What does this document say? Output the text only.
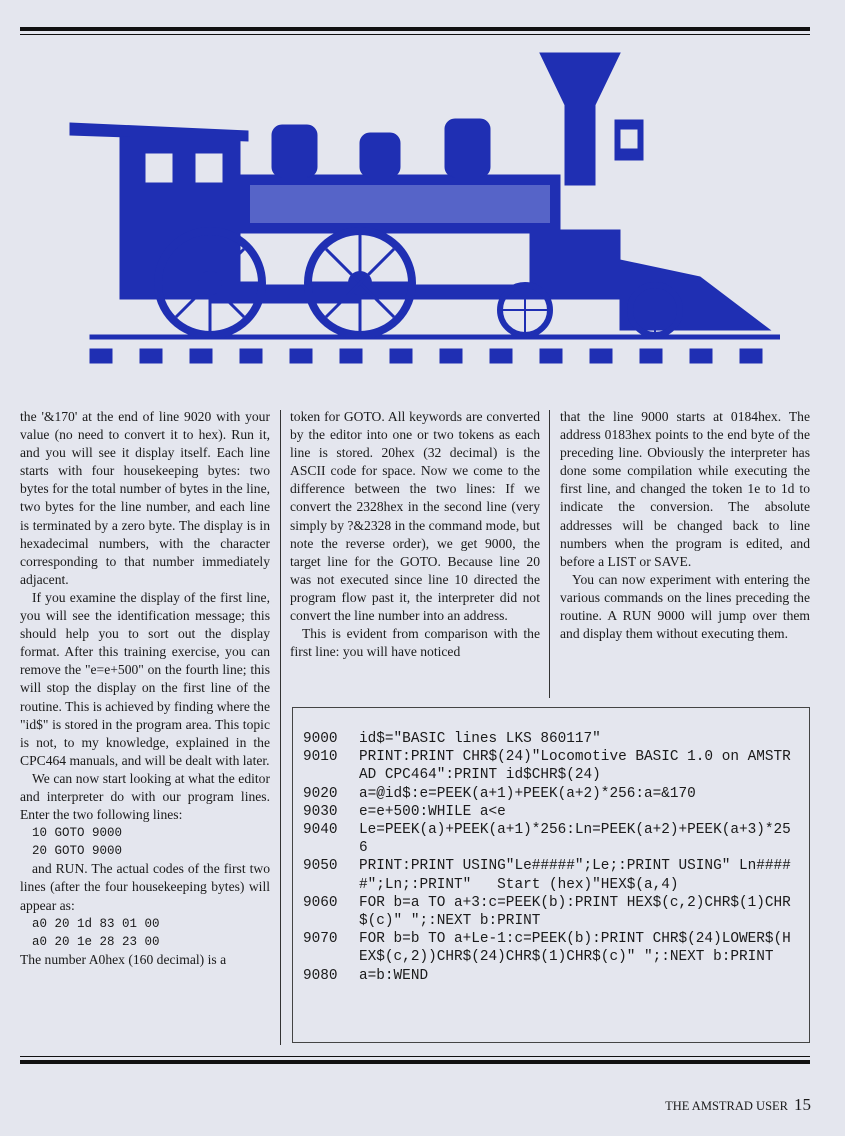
the '&170' at the end of line 9020 with your value (no need to convert it to hex). Run it, and you will see it display itself. Each line starts with four housekeeping bytes: two bytes for the total number of bytes in the line, two bytes for the line number, and each line is terminated by a zero byte. The display is in hexadecimal numbers, with the character corresponding to that number immediately adjacent.

If you examine the display of the first line, you will see the identification message; this should help you to sort out the display format. After this training exercise, you can remove the "e=e+500" on the fourth line; this will stop the display on the first line of the routine. This is achieved by finding where the "id$" is stored in the program area. This topic is not, to my knowledge, explained in the CPC464 manuals, and will be dealt with later.

We can now start looking at what the editor and interpreter do with our program lines. Enter the two following lines:

10 GOTO 9000
20 GOTO 9000

and RUN. The actual codes of the first two lines (after the four housekeeping bytes) will appear as:

a0 20 1d 83 01 00
a0 20 1e 28 23 00

The number A0hex (160 decimal) is a

token for GOTO. All keywords are converted by the editor into one or two tokens as each line is stored. 20hex (32 decimal) is the ASCII code for space. Now we come to the difference between the two lines: If we convert the 2328hex in the second line (very simply by ?&2328 in the command mode, but note the reverse order), we get 9000, the target line for the GOTO. Because line 20 was not executed since line 10 directed the program flow past it, the interpreter did not convert the line number into an address.

This is evident from comparison with the first line: you will have noticed

that the line 9000 starts at 0184hex. The address 0183hex points to the end byte of the preceding line. Obviously the interpreter has done some compilation while executing the first line, and changed the token 1e to 1d to indicate the conversion. The absolute addresses will be changed back to line numbers when the program is edited, and before a LIST or SAVE.

You can now experiment with entering the various commands on the lines preceding the routine. A RUN 9000 will jump over them and display them without executing them.

9000	id$="BASIC lines LKS 860117"
9010	PRINT:PRINT CHR$(24)"Locomotive BASIC 1.0 on AMSTRAD CPC464":PRINT id$CHR$(24)
9020	a=@id$:e=PEEK(a+1)+PEEK(a+2)*256:a=&170
9030	e=e+500:WHILE a<e
9040	Le=PEEK(a)+PEEK(a+1)*256:Ln=PEEK(a+2)+PEEK(a+3)*256
9050	PRINT:PRINT USING"Le#####";Le;:PRINT USING" Ln#####";Ln;:PRINT"   Start (hex)"HEX$(a,4)
9060	FOR b=a TO a+3:c=PEEK(b):PRINT HEX$(c,2)CHR$(1)CHR$(c)" ";:NEXT b:PRINT
9070	FOR b=b TO a+Le-1:c=PEEK(b):PRINT CHR$(24)LOWER$(HEX$(c,2))CHR$(24)CHR$(1)CHR$(c)" ";:NEXT b:PRINT
9080	a=b:WEND
THE AMSTRAD USER 15
